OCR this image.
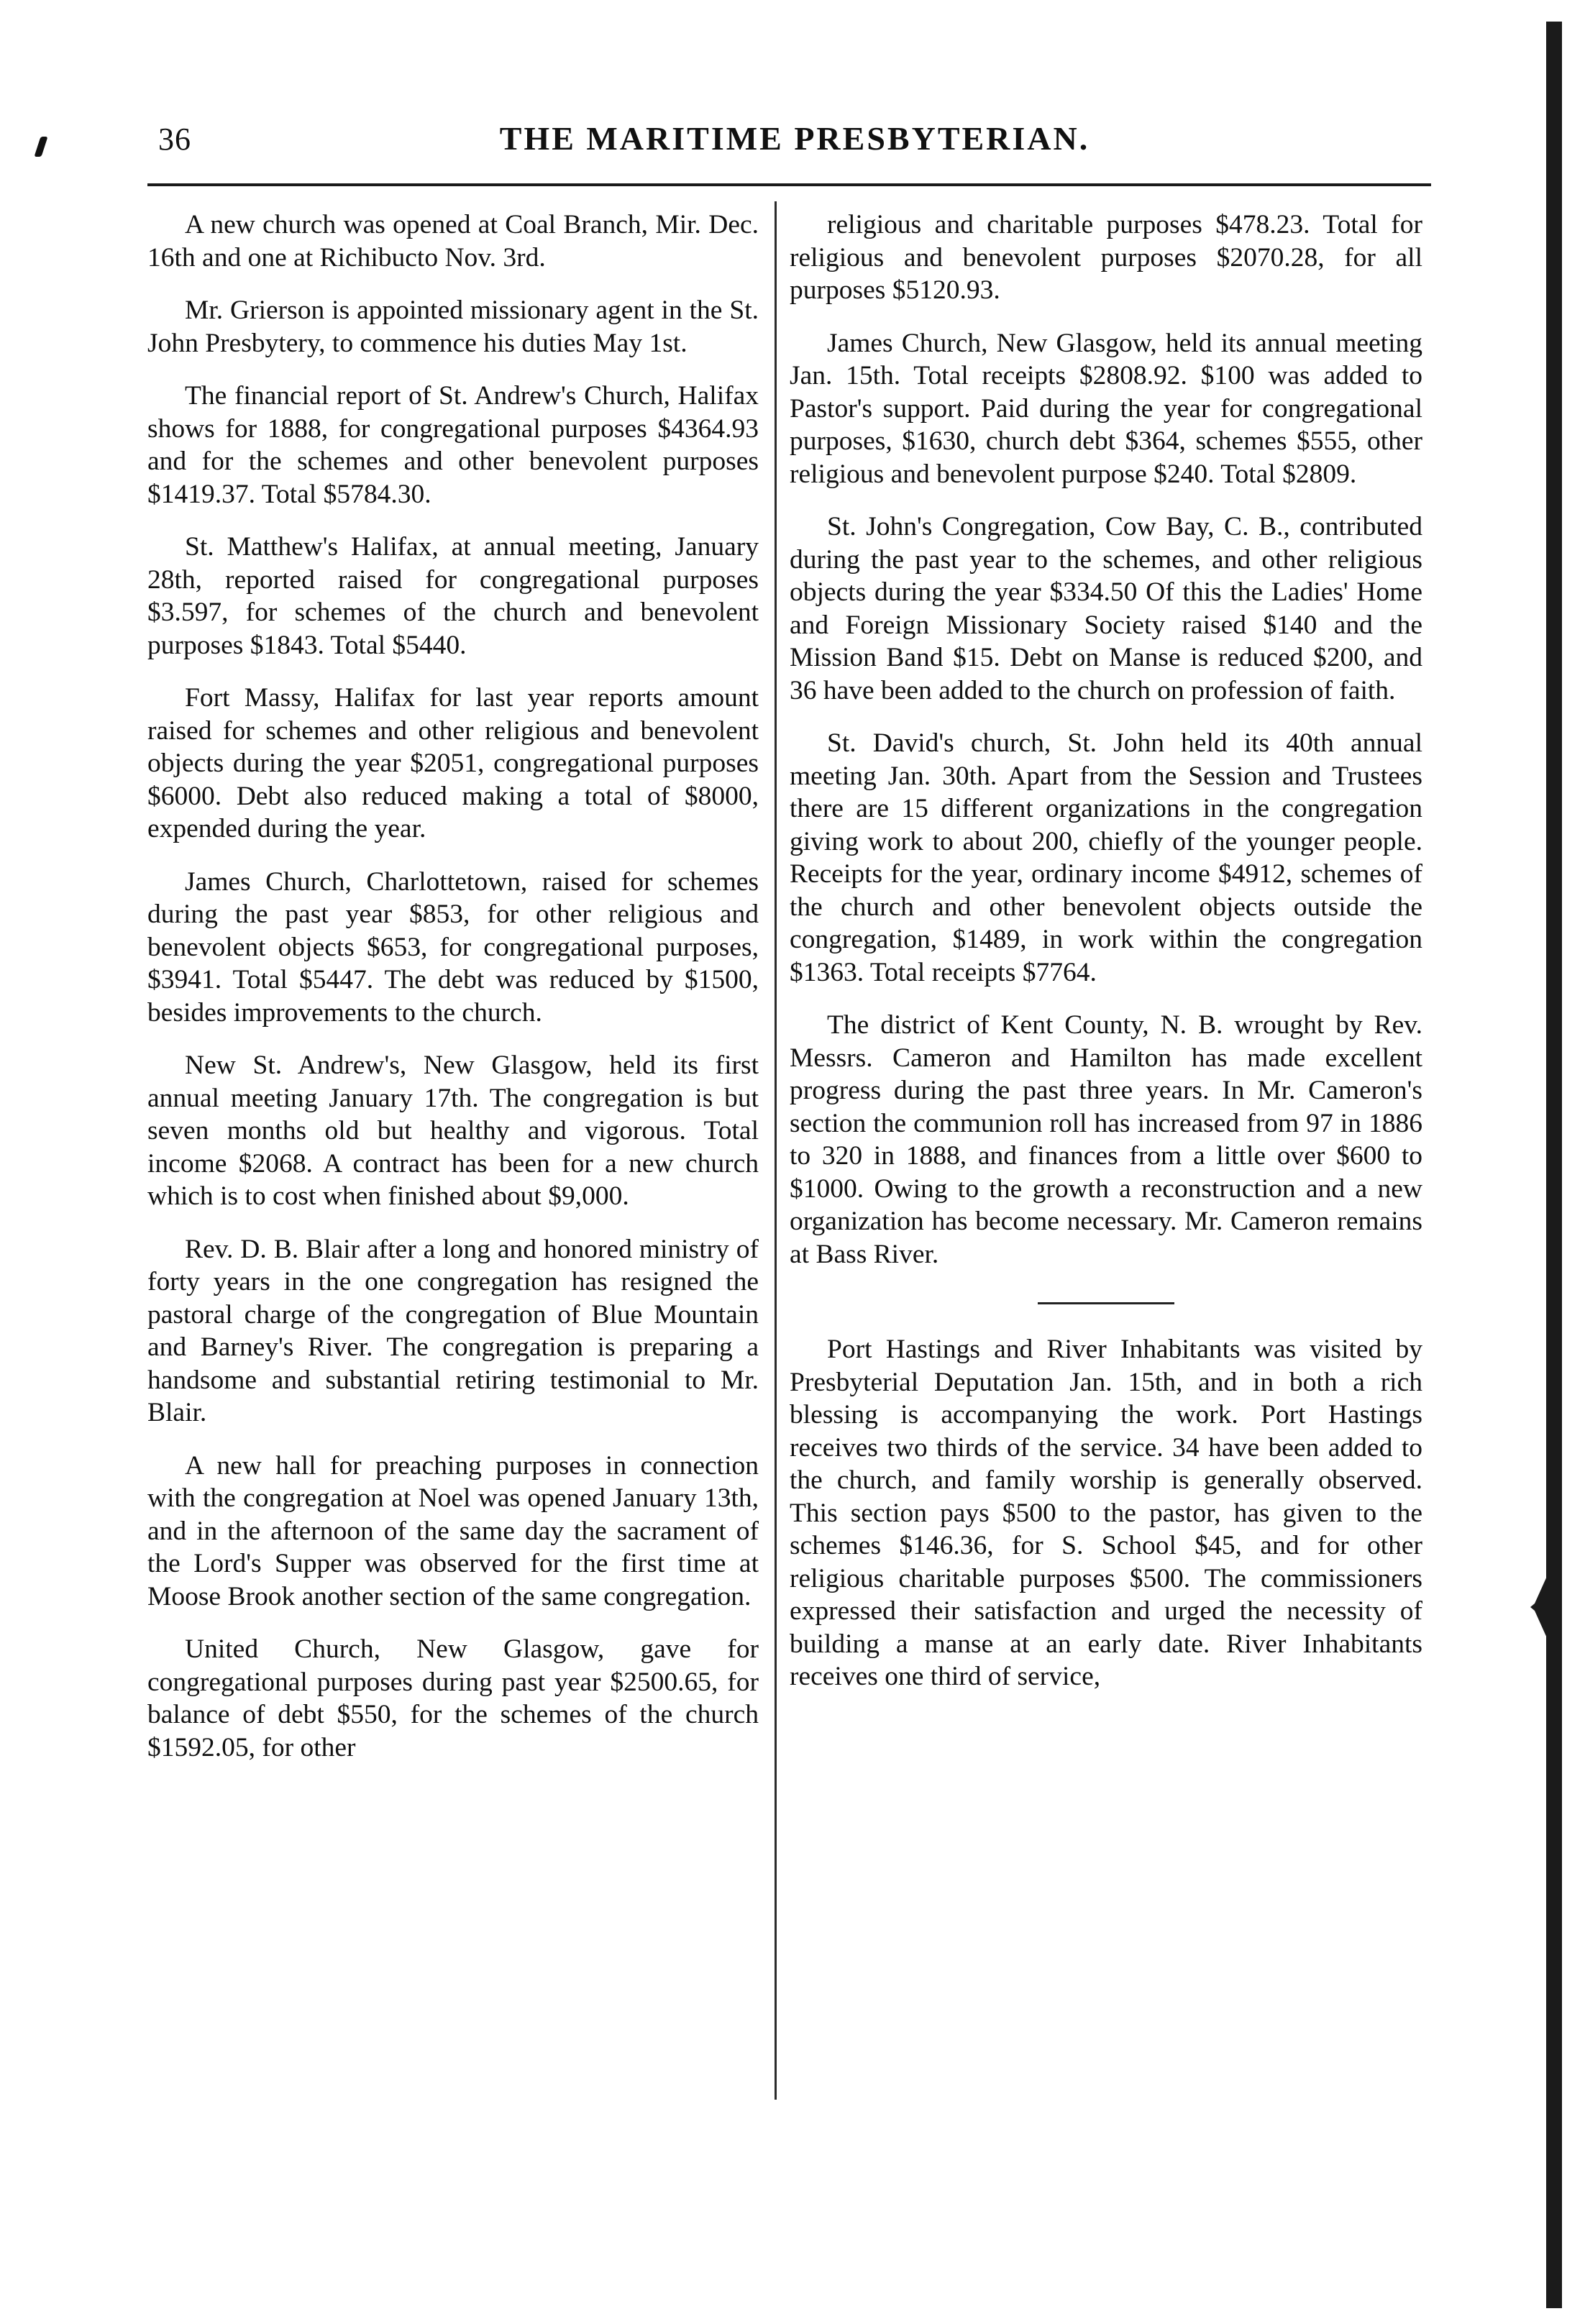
36	THE MARITIME PRESBYTERIAN.

A new church was opened at Coal Branch, Mir. Dec. 16th and one at Richibucto Nov. 3rd.

Mr. Grierson is appointed missionary agent in the St. John Presbytery, to commence his duties May 1st.

The financial report of St. Andrew's Church, Halifax shows for 1888, for congregational purposes $4364.93 and for the schemes and other benevolent purposes $1419.37. Total $5784.30.

St. Matthew's Halifax, at annual meeting, January 28th, reported raised for congregational purposes $3.597, for schemes of the church and benevolent purposes $1843. Total $5440.

Fort Massy, Halifax for last year reports amount raised for schemes and other religious and benevolent objects during the year $2051, congregational purposes $6000. Debt also reduced making a total of $8000, expended during the year.

James Church, Charlottetown, raised for schemes during the past year $853, for other religious and benevolent objects $653, for congregational purposes, $3941. Total $5447. The debt was reduced by $1500, besides improvements to the church.

New St. Andrew's, New Glasgow, held its first annual meeting January 17th. The congregation is but seven months old but healthy and vigorous. Total income $2068. A contract has been for a new church which is to cost when finished about $9,000.

Rev. D. B. Blair after a long and honored ministry of forty years in the one congregation has resigned the pastoral charge of the congregation of Blue Mountain and Barney's River. The congregation is preparing a handsome and substantial retiring testimonial to Mr. Blair.

A new hall for preaching purposes in connection with the congregation at Noel was opened January 13th, and in the afternoon of the same day the sacrament of the Lord's Supper was observed for the first time at Moose Brook another section of the same congregation.

United Church, New Glasgow, gave for congregational purposes during past year $2500.65, for balance of debt $550, for the schemes of the church $1592.05, for other

religious and charitable purposes $478.23. Total for religious and benevolent purposes $2070.28, for all purposes $5120.93.

James Church, New Glasgow, held its annual meeting Jan. 15th. Total receipts $2808.92. $100 was added to Pastor's support. Paid during the year for congregational purposes, $1630, church debt $364, schemes $555, other religious and benevolent purpose $240. Total $2809.

St. John's Congregation, Cow Bay, C. B., contributed during the past year to the schemes, and other religious objects during the year $334.50 Of this the Ladies' Home and Foreign Missionary Society raised $140 and the Mission Band $15. Debt on Manse is reduced $200, and 36 have been added to the church on profession of faith.

St. David's church, St. John held its 40th annual meeting Jan. 30th. Apart from the Session and Trustees there are 15 different organizations in the congregation giving work to about 200, chiefly of the younger people. Receipts for the year, ordinary income $4912, schemes of the church and other benevolent objects outside the congregation, $1489, in work within the congregation $1363. Total receipts $7764.

The district of Kent County, N. B. wrought by Rev. Messrs. Cameron and Hamilton has made excellent progress during the past three years. In Mr. Cameron's section the communion roll has increased from 97 in 1886 to 320 in 1888, and finances from a little over $600 to $1000. Owing to the growth a reconstruction and a new organization has become necessary. Mr. Cameron remains at Bass River.

Port Hastings and River Inhabitants was visited by Presbyterial Deputation Jan. 15th, and in both a rich blessing is accompanying the work. Port Hastings receives two thirds of the service. 34 have been added to the church, and family worship is generally observed. This section pays $500 to the pastor, has given to the schemes $146.36, for S. School $45, and for other religious charitable purposes $500. The commissioners expressed their satisfaction and urged the necessity of building a manse at an early date. River Inhabitants receives one third of service,
